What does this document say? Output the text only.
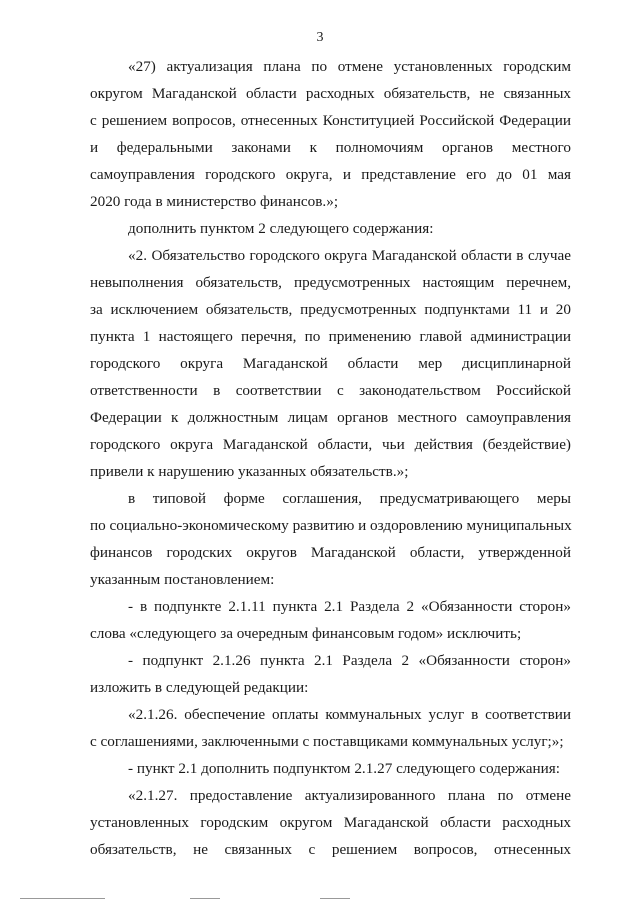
3
«27) актуализация плана по отмене установленных городским
округом Магаданской области расходных обязательств, не связанных
с решением вопросов, отнесенных Конституцией Российской Федерации
и федеральными законами к полномочиям органов местного
самоуправления городского округа, и представление его до 01 мая
2020 года в министерство финансов.»;
дополнить пунктом 2 следующего содержания:
«2. Обязательство городского округа Магаданской области в случае
невыполнения обязательств, предусмотренных настоящим перечнем,
за исключением обязательств, предусмотренных подпунктами 11 и 20
пункта 1 настоящего перечня, по применению главой администрации
городского округа Магаданской области мер дисциплинарной
ответственности в соответствии с законодательством Российской
Федерации к должностным лицам органов местного самоуправления
городского округа Магаданской области, чьи действия (бездействие)
привели к нарушению указанных обязательств.»;
в типовой форме соглашения, предусматривающего меры
по социально-экономическому развитию и оздоровлению муниципальных
финансов городских округов Магаданской области, утвержденной
указанным постановлением:
- в подпункте 2.1.11 пункта 2.1 Раздела 2 «Обязанности сторон»
слова «следующего за очередным финансовым годом» исключить;
- подпункт 2.1.26 пункта 2.1 Раздела 2 «Обязанности сторон»
изложить в следующей редакции:
«2.1.26. обеспечение оплаты коммунальных услуг в соответствии
с соглашениями, заключенными с поставщиками коммунальных услуг;»;
- пункт 2.1 дополнить подпунктом 2.1.27 следующего содержания:
«2.1.27. предоставление актуализированного плана по отмене
установленных городским округом Магаданской области расходных
обязательств, не связанных с решением вопросов, отнесенных
